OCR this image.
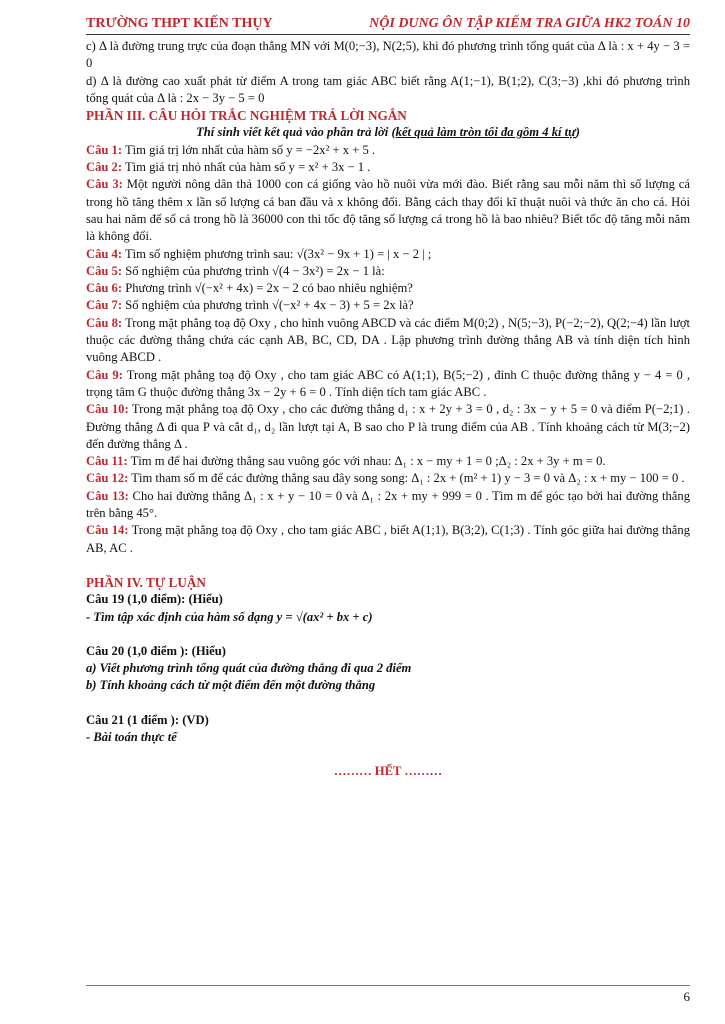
TRƯỜNG THPT KIẾN THỤY	NỘI DUNG ÔN TẬP KIỂM TRA GIỮA HK2 TOÁN 10

c) Δ là đường trung trực của đoạn thẳng MN với M(0;−3), N(2;5), khi đó phương trình tổng quát của Δ là : x + 4y − 3 = 0

d) Δ là đường cao xuất phát từ điểm A trong tam giác ABC biết rằng A(1;−1), B(1;2), C(3;−3) ,khi đó phương trình tổng quát của Δ là : 2x − 3y − 5 = 0

PHẦN III. CÂU HỎI TRẮC NGHIỆM TRẢ LỜI NGẮN

Thí sinh viết kết quả vào phần trả lời (kết quả làm tròn tối đa gồm 4 kí tự)

Câu 1: Tìm giá trị lớn nhất của hàm số y = −2x² + x + 5 .

Câu 2: Tìm giá trị nhỏ nhất của hàm số y = x² + 3x − 1 .

Câu 3: Một người nông dân thả 1000 con cá giống vào hồ nuôi vừa mới đào. Biết rằng sau mỗi năm thì số lượng cá trong hồ tăng thêm x lần số lượng cá ban đầu và x không đổi. Bằng cách thay đổi kĩ thuật nuôi và thức ăn cho cá. Hỏi sau hai năm để số cá trong hồ là 36000 con thì tốc độ tăng số lượng cá trong hồ là bao nhiêu? Biết tốc độ tăng mỗi năm là không đổi.

Câu 4: Tìm số nghiệm phương trình sau: √(3x² − 9x + 1) = | x − 2 | ;

Câu 5: Số nghiệm của phương trình √(4 − 3x²) = 2x − 1 là:

Câu 6: Phương trình √(−x² + 4x) = 2x − 2 có bao nhiêu nghiệm?

Câu 7: Số nghiệm của phương trình √(−x² + 4x − 3) + 5 = 2x là?

Câu 8: Trong mặt phẳng toạ độ Oxy , cho hình vuông ABCD và các điểm M(0;2) , N(5;−3), P(−2;−2), Q(2;−4) lần lượt thuộc các đường thẳng chứa các cạnh AB, BC, CD, DA . Lập phương trình đường thẳng AB và tính diện tích hình vuông ABCD .

Câu 9: Trong mặt phẳng toạ độ Oxy , cho tam giác ABC có A(1;1), B(5;−2) , đỉnh C thuộc đường thẳng y − 4 = 0 , trọng tâm G thuộc đường thẳng 3x − 2y + 6 = 0 . Tính diện tích tam giác ABC .

Câu 10: Trong mặt phẳng toạ độ Oxy , cho các đường thẳng d₁ : x + 2y + 3 = 0 , d₂ : 3x − y + 5 = 0 và điểm P(−2;1) . Đường thẳng Δ đi qua P và cắt d₁, d₂ lần lượt tại A, B sao cho P là trung điểm của AB . Tính khoảng cách từ M(3;−2) đến đường thẳng Δ .

Câu 11: Tìm m để hai đường thẳng sau vuông góc với nhau: Δ₁ : x − my + 1 = 0 ;Δ₂ : 2x + 3y + m = 0.

Câu 12: Tìm tham số m để các đường thẳng sau đây song song: Δ₁ : 2x + (m² + 1) y − 3 = 0 và Δ₂ : x + my − 100 = 0 .

Câu 13: Cho hai đường thẳng Δ₁ : x + y − 10 = 0 và Δ₁ : 2x + my + 999 = 0 . Tìm m để góc tạo bởi hai đường thẳng trên bằng 45°.

Câu 14: Trong mặt phẳng toạ độ Oxy , cho tam giác ABC , biết A(1;1), B(3;2), C(1;3) . Tính góc giữa hai đường thẳng AB, AC .

PHẦN IV. TỰ LUẬN

Câu 19 (1,0 điểm): (Hiểu)

- Tìm tập xác định của hàm số dạng y = √(ax² + bx + c)

Câu 20 (1,0 điểm ): (Hiểu)

a) Viết phương trình tổng quát của đường thẳng đi qua 2 điểm

b) Tính khoảng cách từ một điểm đến một đường thẳng

Câu 21 (1 điểm ): (VD)

- Bài toán thực tế

……… HẾT ………

6
